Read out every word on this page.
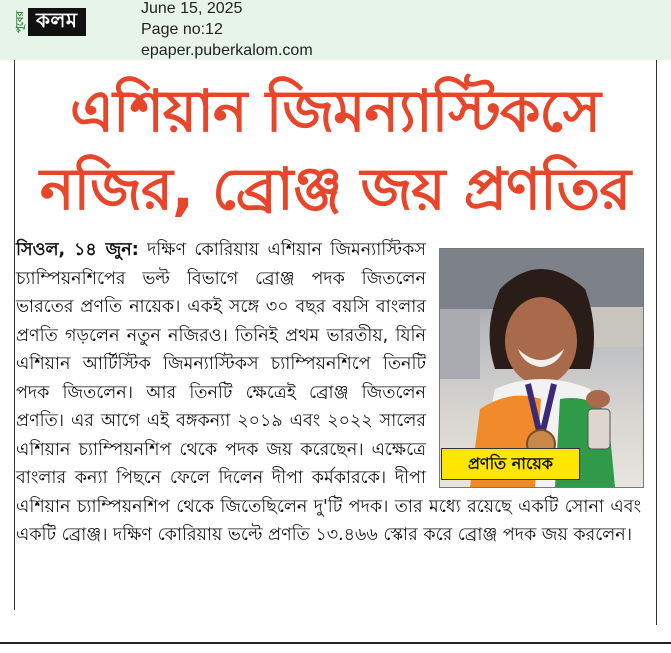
পূবের কলম	June 15, 2025
Page no:12
epaper.puberkalom.com
এশিয়ান জিমন্যাস্টিকসে
নজির, ব্রোঞ্জ জয় প্রণতির
সিওল, ১৪ জুন: দক্ষিণ কোরিয়ায় এশিয়ান জিমন্যাস্টিকস চ্যাম্পিয়নশিপের ভল্ট বিভাগে ব্রোঞ্জ পদক জিতলেন ভারতের প্রণতি নায়েক। একই সঙ্গে ৩০ বছর বয়সি বাংলার প্রণতি গড়লেন নতুন নজিরও। তিনিই প্রথম ভারতীয়, যিনি এশিয়ান আর্টিস্টিক জিমন্যাস্টিকস চ্যাম্পিয়নশিপে তিনটি পদক জিতলেন। আর তিনটি ক্ষেত্রেই ব্রোঞ্জ জিতলেন প্রণতি। এর আগে এই বঙ্গকন্যা ২০১৯ এবং ২০২২ সালের এশিয়ান চ্যাম্পিয়নশিপ থেকে পদক জয় করেছেন। এক্ষেত্রে বাংলার কন্যা পিছনে ফেলে দিলেন দীপা কর্মকারকে। দীপা এশিয়ান চ্যাম্পিয়নশিপ থেকে জিতেছিলেন দু'টি পদক। তার মধ্যে রয়েছে একটি সোনা এবং একটি ব্রোঞ্জ। দক্ষিণ কোরিয়ায় ভল্টে প্রণতি ১৩.৪৬৬ স্কোর করে ব্রোঞ্জ পদক জয় করলেন।
প্রণতি নায়েক
